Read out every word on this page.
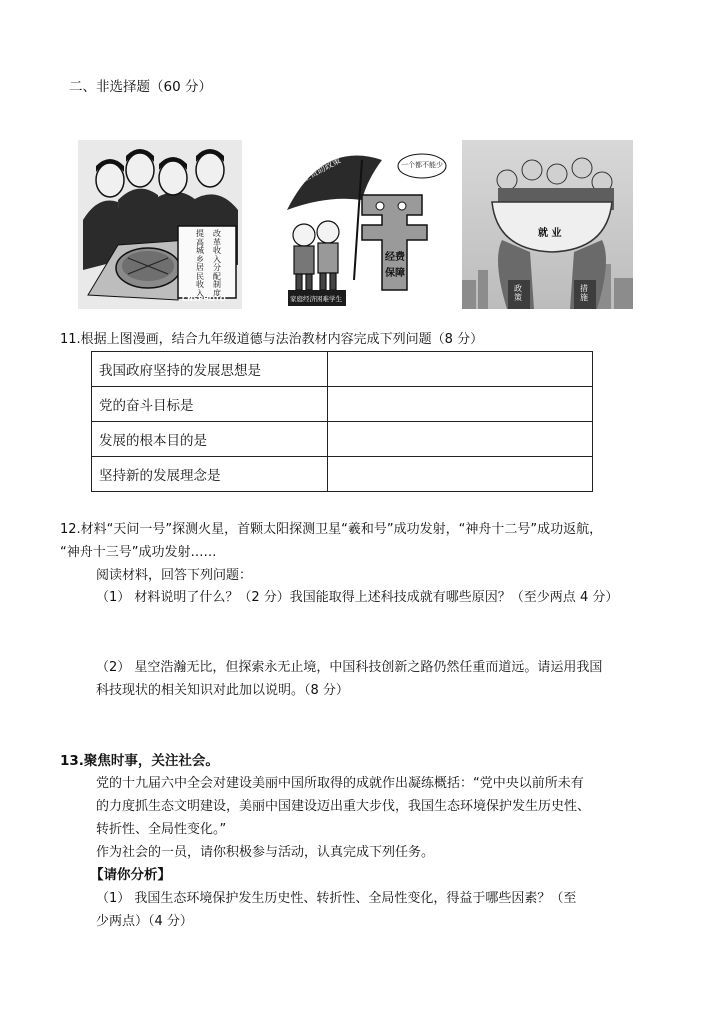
二、非选择题（60 分）
提高城乡居民收入
改革收入分配制度
CNSPHOTO
学生资助政策	一个都不能少
经费
保障
家庭经济困难学生
就 业
政策
措施
11.根据上图漫画，结合九年级道德与法治教材内容完成下列问题（8 分）
我国政府坚持的发展思想是	
党的奋斗目标是	
发展的根本目的是	
坚持新的发展理念是	
12.材料“天问一号”探测火星，首颗太阳探测卫星“羲和号”成功发射，“神舟十二号”成功返航，
“神舟十三号”成功发射……
阅读材料，回答下列问题：
（1） 材料说明了什么？（2 分）我国能取得上述科技成就有哪些原因？（至少两点 4 分）
（2） 星空浩瀚无比，但探索永无止境，中国科技创新之路仍然任重而道远。请运用我国
科技现状的相关知识对此加以说明。（8 分）
13.聚焦时事，关注社会。
党的十九届六中全会对建设美丽中国所取得的成就作出凝练概括：“党中央以前所未有
的力度抓生态文明建设，美丽中国建设迈出重大步伐，我国生态环境保护发生历史性、
转折性、全局性变化。”
作为社会的一员，请你积极参与活动，认真完成下列任务。
【请你分析】
（1） 我国生态环境保护发生历史性、转折性、全局性变化，得益于哪些因素？（至
少两点）（4 分）
